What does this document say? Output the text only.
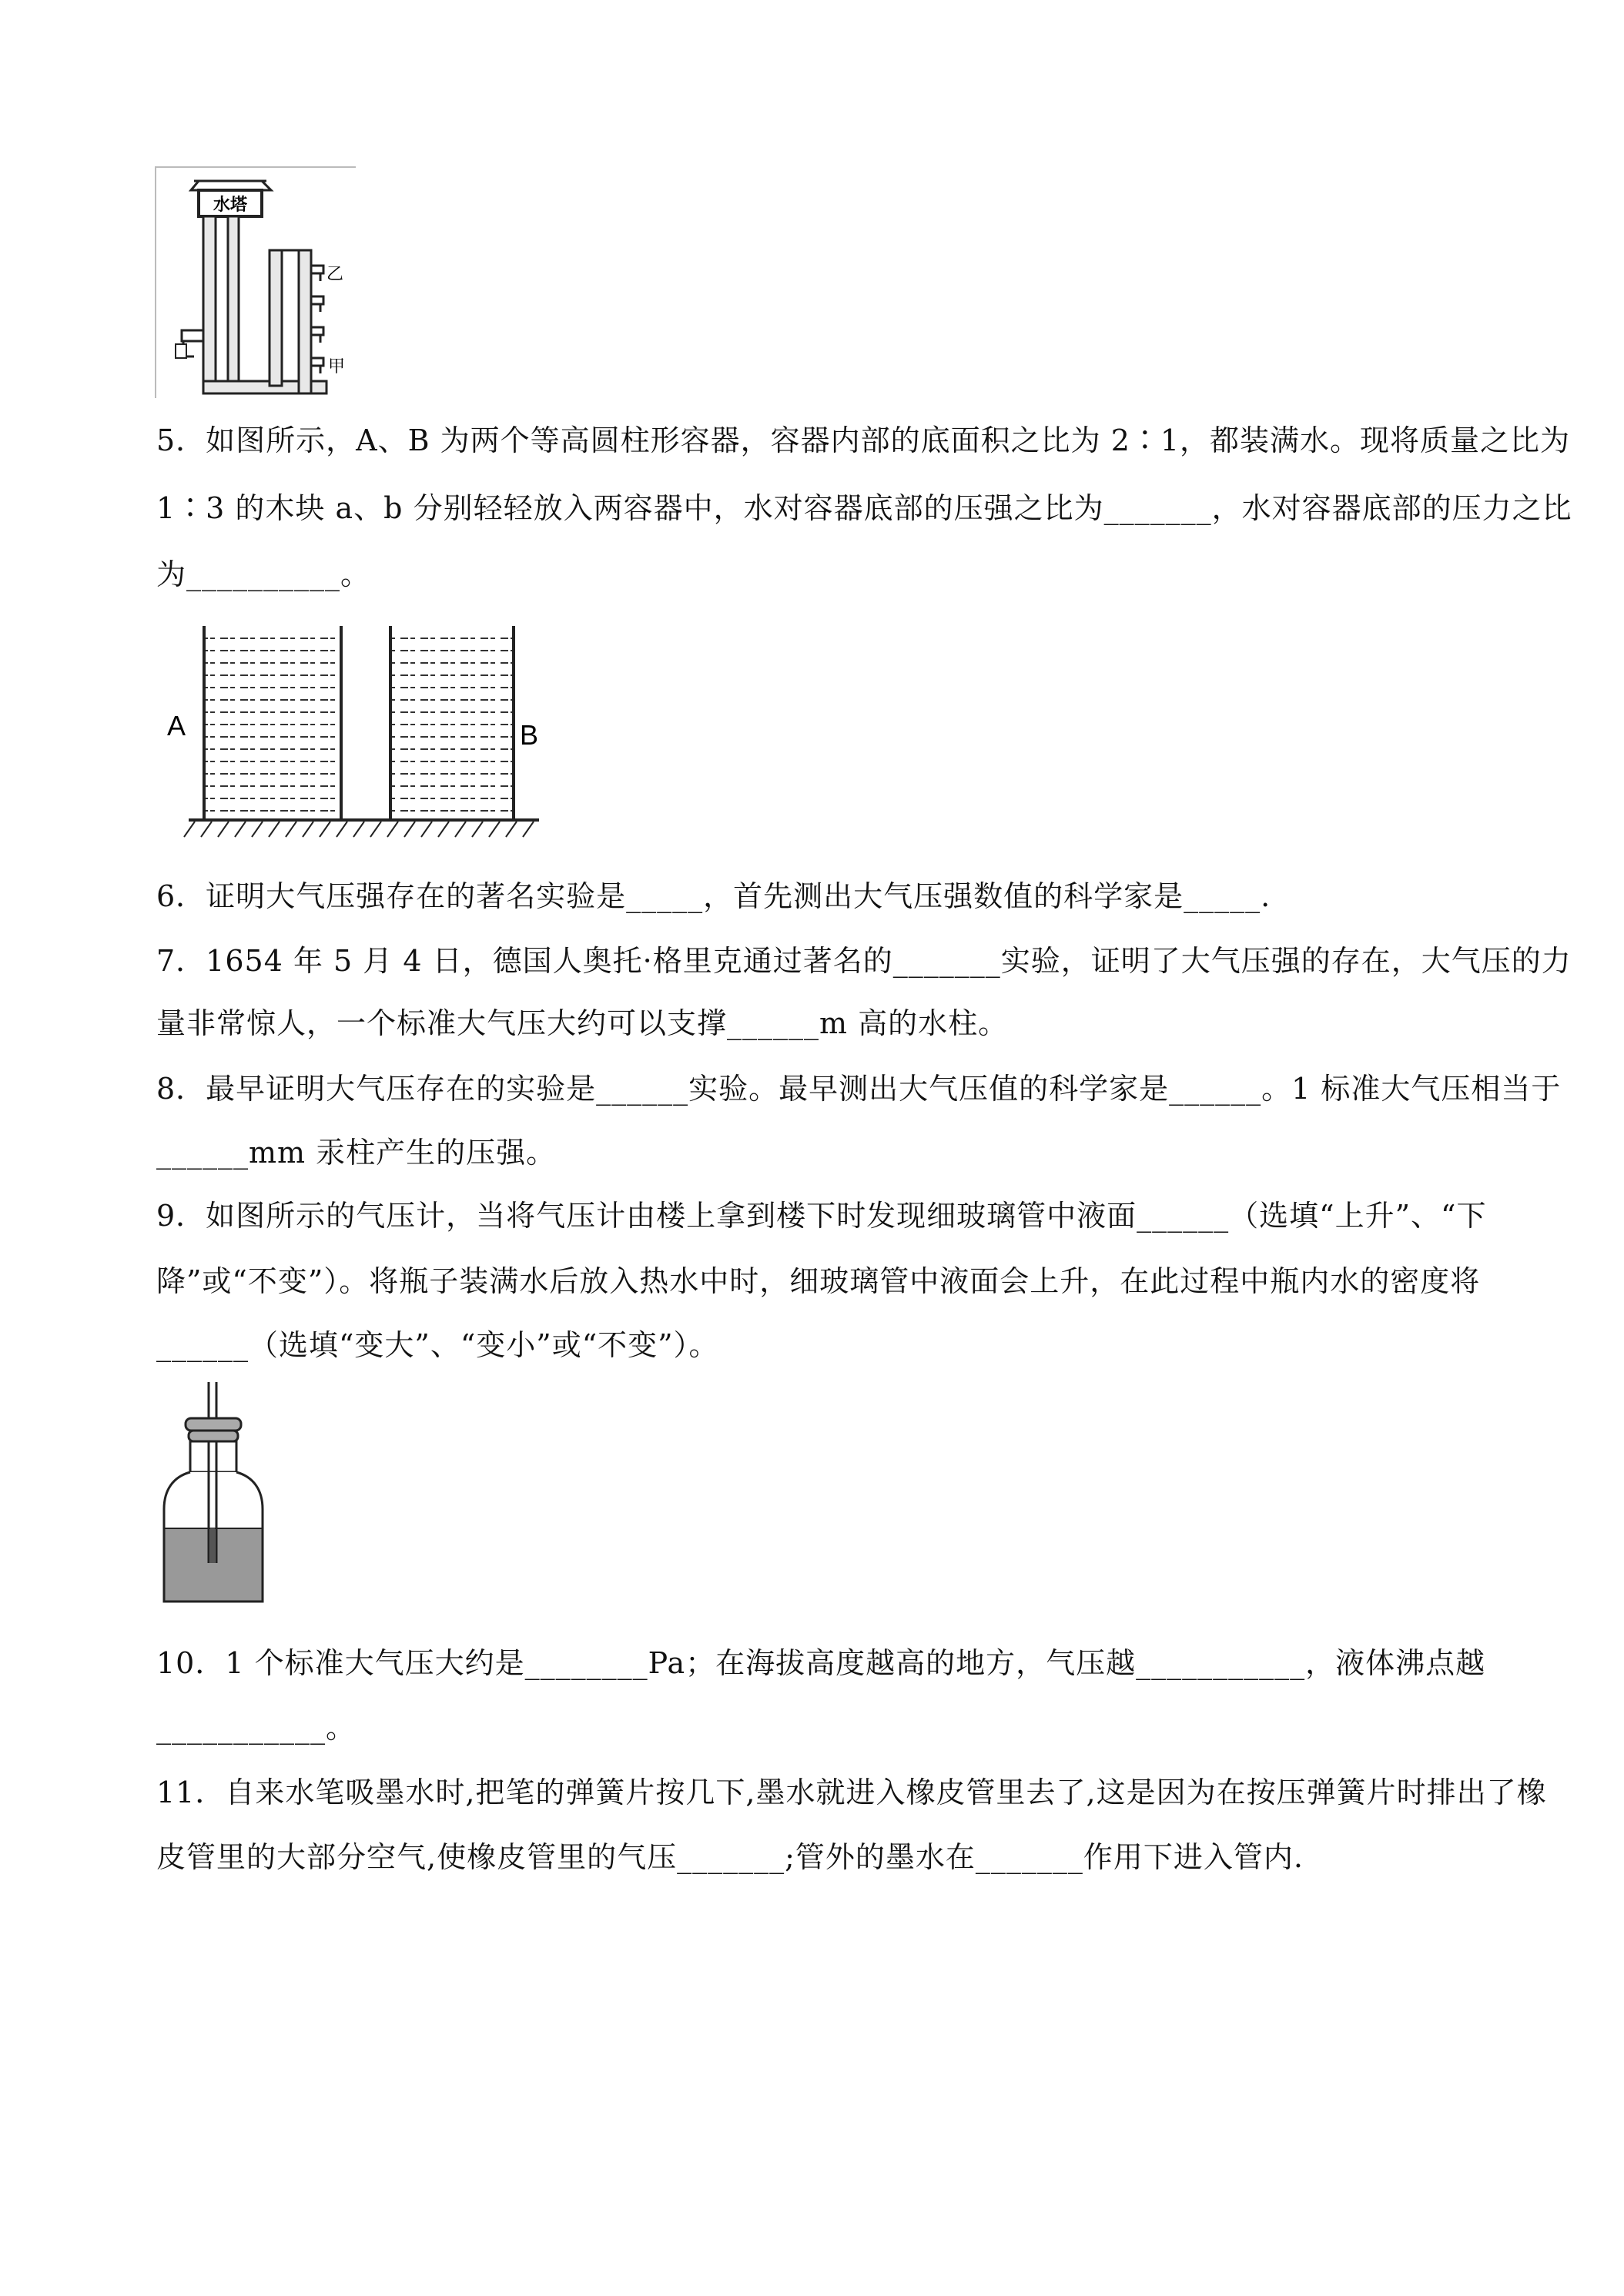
水塔
乙
甲
5．如图所示，A、B 为两个等高圆柱形容器，容器内部的底面积之比为 2∶1，都装满水。现将质量之比为
1∶3 的木块 a、b 分别轻轻放入两容器中，水对容器底部的压强之比为_______，水对容器底部的压力之比
为__________。
A	B
6．证明大气压强存在的著名实验是_____，首先测出大气压强数值的科学家是_____.
7．1654 年 5 月 4 日，德国人奥托·格里克通过著名的_______实验，证明了大气压强的存在，大气压的力
量非常惊人，一个标准大气压大约可以支撑______m 高的水柱。
8．最早证明大气压存在的实验是______实验。最早测出大气压值的科学家是______。1 标准大气压相当于
______mm 汞柱产生的压强。
9．如图所示的气压计，当将气压计由楼上拿到楼下时发现细玻璃管中液面______（选填“上升”、“下
降”或“不变”）。将瓶子装满水后放入热水中时，细玻璃管中液面会上升，在此过程中瓶内水的密度将
______（选填“变大”、“变小”或“不变”）。
10．1 个标准大气压大约是________Pa；在海拔高度越高的地方，气压越___________，液体沸点越
___________。
11．自来水笔吸墨水时,把笔的弹簧片按几下,墨水就进入橡皮管里去了,这是因为在按压弹簧片时排出了橡
皮管里的大部分空气,使橡皮管里的气压_______;管外的墨水在_______作用下进入管内.
